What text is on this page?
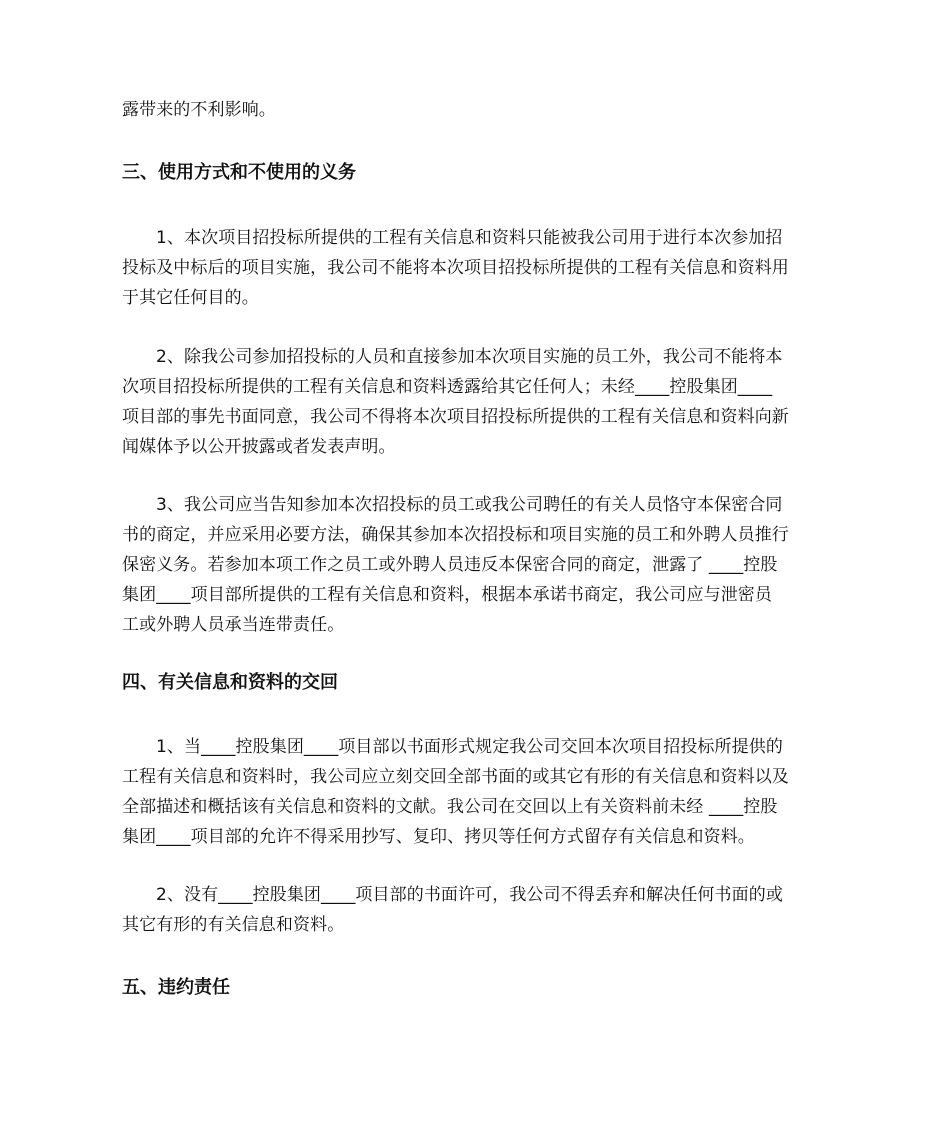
露带来的不利影响。
三、使用方式和不使用的义务
1、本次项目招投标所提供的工程有关信息和资料只能被我公司用于进行本次参加招
投标及中标后的项目实施，我公司不能将本次项目招投标所提供的工程有关信息和资料用
于其它任何目的。
2、除我公司参加招投标的人员和直接参加本次项目实施的员工外，我公司不能将本
次项目招投标所提供的工程有关信息和资料透露给其它任何人；未经____控股集团____
项目部的事先书面同意，我公司不得将本次项目招投标所提供的工程有关信息和资料向新
闻媒体予以公开披露或者发表声明。
3、我公司应当告知参加本次招投标的员工或我公司聘任的有关人员恪守本保密合同
书的商定，并应采用必要方法，确保其参加本次招投标和项目实施的员工和外聘人员推行
保密义务。若参加本项工作之员工或外聘人员违反本保密合同的商定，泄露了 ____控股
集团____项目部所提供的工程有关信息和资料，根据本承诺书商定，我公司应与泄密员
工或外聘人员承当连带责任。
四、有关信息和资料的交回
1、当____控股集团____项目部以书面形式规定我公司交回本次项目招投标所提供的
工程有关信息和资料时，我公司应立刻交回全部书面的或其它有形的有关信息和资料以及
全部描述和概括该有关信息和资料的文献。我公司在交回以上有关资料前未经 ____控股
集团____项目部的允许不得采用抄写、复印、拷贝等任何方式留存有关信息和资料。
2、没有____控股集团____项目部的书面许可，我公司不得丢弃和解决任何书面的或
其它有形的有关信息和资料。
五、违约责任
